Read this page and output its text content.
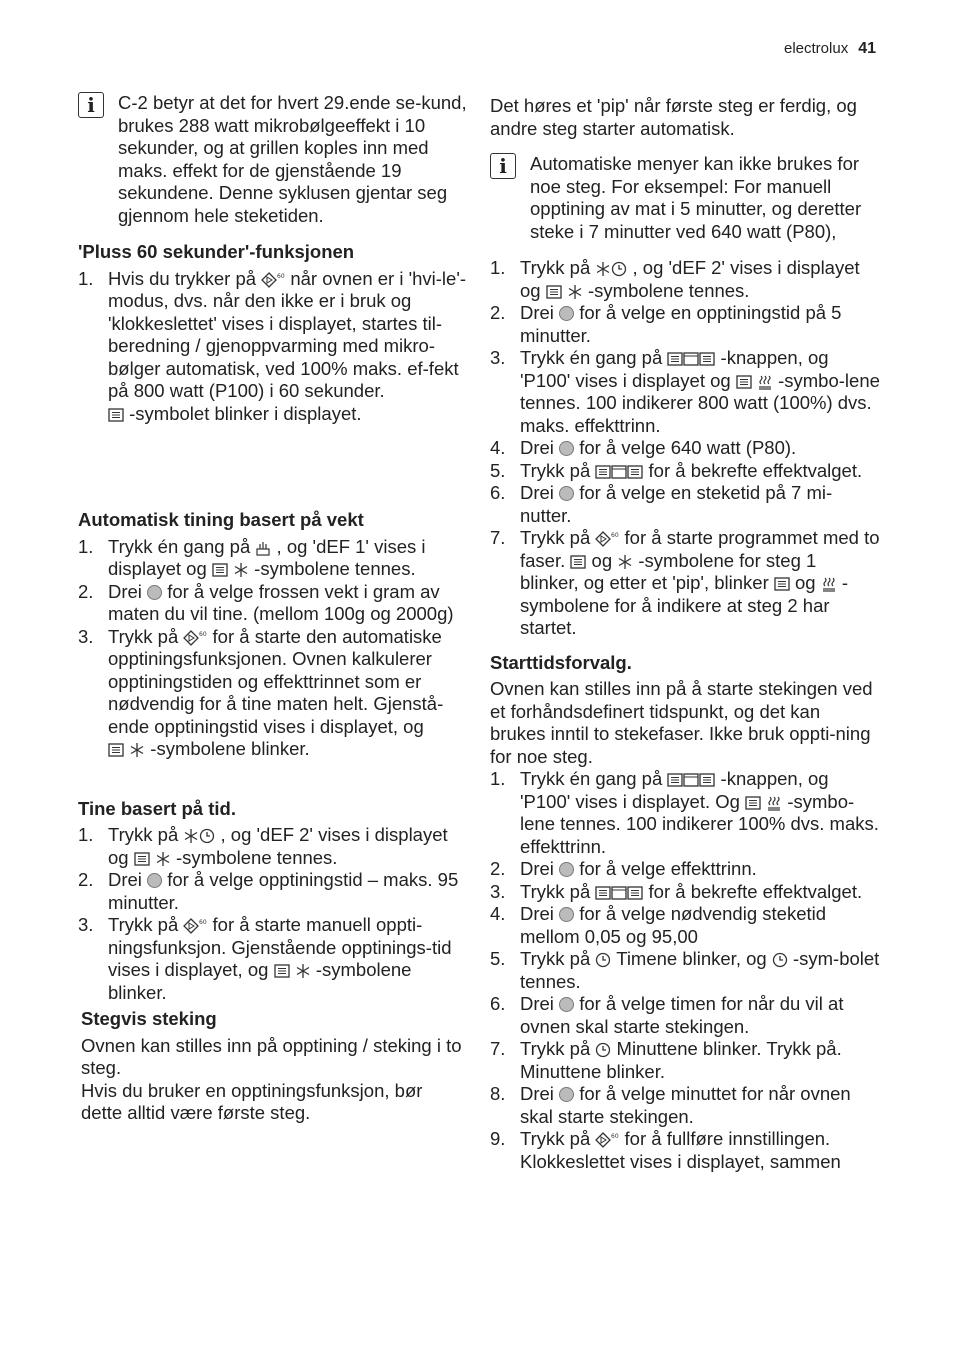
electrolux 41
i	C-2 betyr at det for hvert 29.ende se-kund, brukes 288 watt mikrobølgeeffekt i 10 sekunder, og at grillen koples inn med maks. effekt for de gjenstående 19 sekundene. Denne syklusen gjentar seg gjennom hele steketiden.

'Pluss 60 sekunder'-funksjonen
1. Hvis du trykker på når ovnen er i 'hvi-le'-modus, dvs. når den ikke er i bruk og 'klokkeslettet' vises i displayet, startes til-beredning / gjenoppvarming med mikro-bølger automatisk, ved 100% maks. ef-fekt på 800 watt (P100) i 60 sekunder.
-symbolet blinker i displayet.
Automatisk tining basert på vekt
1. Trykk én gang på , og 'dEF 1' vises i displayet og	-symbolene tennes.
2. Drei for å velge frossen vekt i gram av maten du vil tine. (mellom 100g og 2000g)
3. Trykk på for å starte den automatiske opptiningsfunksjonen. Ovnen kalkulerer opptiningstiden og effekttrinnet som er nødvendig for å tine maten helt. Gjenstå-ende opptiningstid vises i displayet, og
-symbolene blinker.
Tine basert på tid.
1. Trykk på , og 'dEF 2' vises i displayet og	-symbolene tennes.
2. Drei for å velge opptiningstid – maks. 95 minutter.
3. Trykk på for å starte manuell oppti-ningsfunksjon. Gjenstående opptinings-tid vises i displayet, og	-symbolene blinker.
Stegvis steking

Ovnen kan stilles inn på opptining / steking i to steg.

Hvis du bruker en opptiningsfunksjon, bør dette alltid være første steg.

Det høres et 'pip' når første steg er ferdig, og andre steg starter automatisk.

i	Automatiske menyer kan ikke brukes for noe steg. For eksempel: For manuell opptining av mat i 5 minutter, og deretter steke i 7 minutter ved 640 watt (P80),

1. Trykk på , og 'dEF 2' vises i displayet og	-symbolene tennes.
2. Drei for å velge en opptiningstid på 5 minutter.
3. Trykk én gang på	-knappen, og 'P100' vises i displayet og	-symbo-lene tennes. 100 indikerer 800 watt (100%) dvs. maks. effekttrinn.
4. Drei for å velge 640 watt (P80).
5. Trykk på	for å bekrefte effektvalget.
6. Drei for å velge en steketid på 7 mi-nutter.
7. Trykk på for å starte programmet med to faser. og -symbolene for steg 1 blinker, og etter et 'pip', blinker og -symbolene for å indikere at steg 2 har startet.
Starttidsforvalg.

Ovnen kan stilles inn på å starte stekingen ved et forhåndsdefinert tidspunkt, og det kan brukes inntil to stekefaser. Ikke bruk oppti-ning for noe steg.

1. Trykk én gang på	-knappen, og 'P100' vises i displayet. Og	-symbo-lene tennes. 100 indikerer 100% dvs. maks. effekttrinn.
2. Drei for å velge effekttrinn.
3. Trykk på	for å bekrefte effektvalget.
4. Drei for å velge nødvendig steketid mellom 0,05 og 95,00
5. Trykk på Timene blinker, og -sym-bolet tennes.
6. Drei for å velge timen for når du vil at ovnen skal starte stekingen.
7. Trykk på Minuttene blinker. Trykk på. Minuttene blinker.
8. Drei for å velge minuttet for når ovnen skal starte stekingen.
9. Trykk på for å fullføre innstillingen. Klokkeslettet vises i displayet, sammen
